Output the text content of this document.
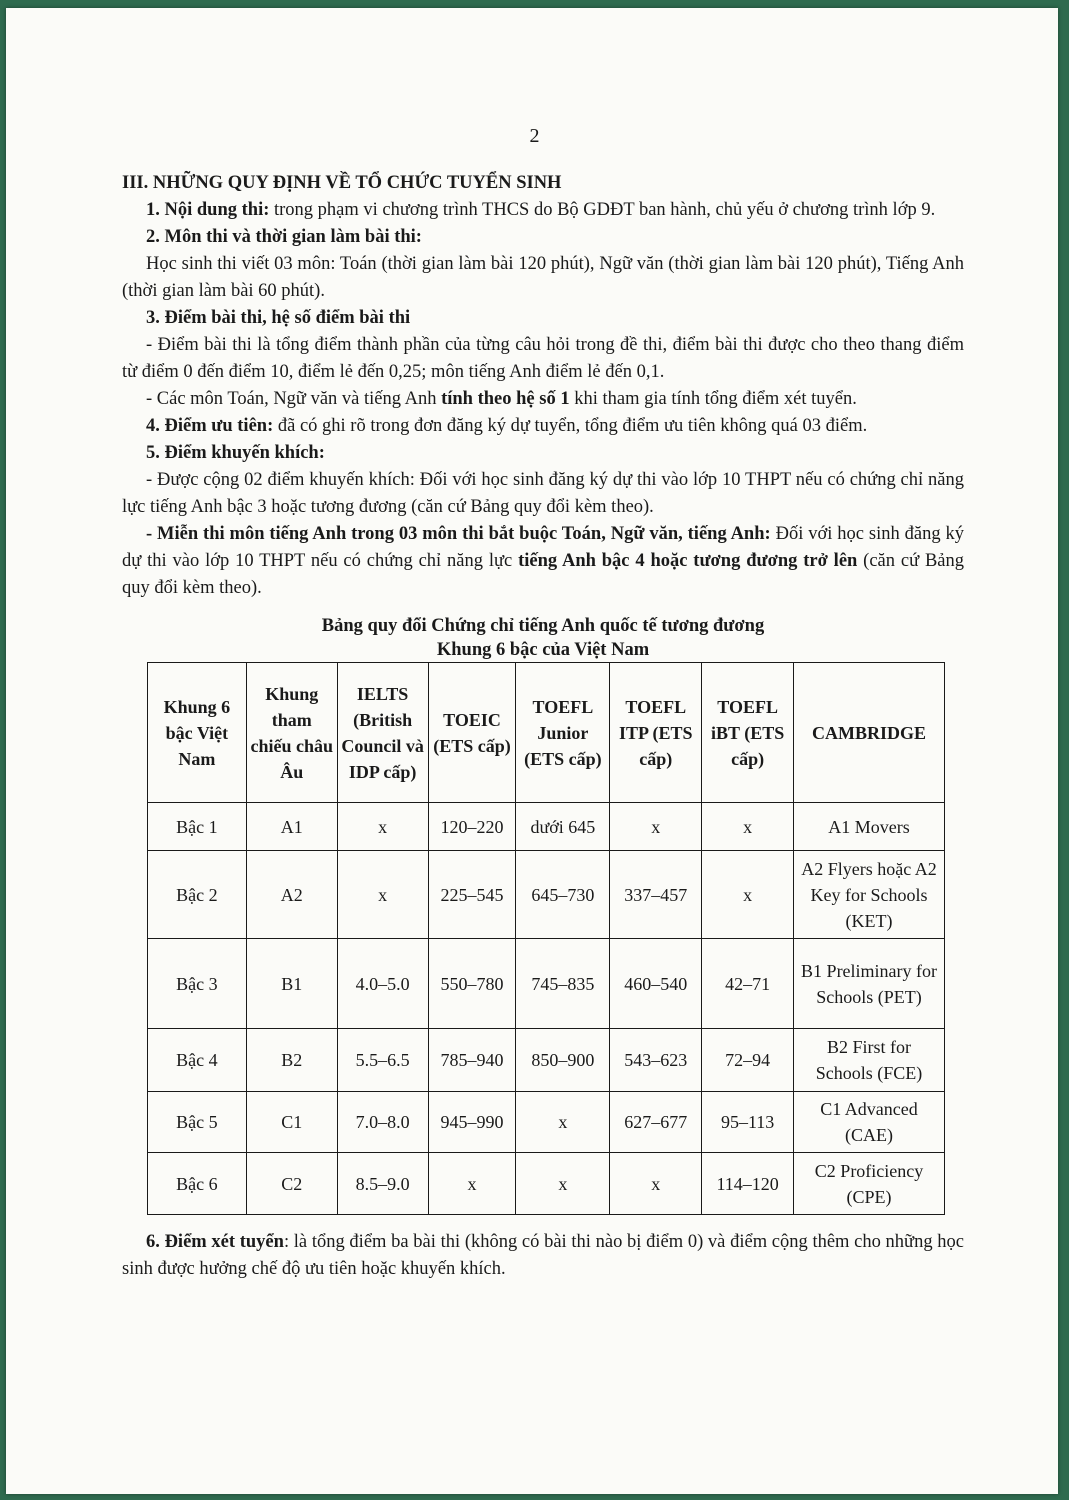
2
III. NHỮNG QUY ĐỊNH VỀ TỔ CHỨC TUYỂN SINH

1. Nội dung thi: trong phạm vi chương trình THCS do Bộ GDĐT ban hành, chủ yếu ở chương trình lớp 9.

2. Môn thi và thời gian làm bài thi:

Học sinh thi viết 03 môn: Toán (thời gian làm bài 120 phút), Ngữ văn (thời gian làm bài 120 phút), Tiếng Anh (thời gian làm bài 60 phút).

3. Điểm bài thi, hệ số điểm bài thi

- Điểm bài thi là tổng điểm thành phần của từng câu hỏi trong đề thi, điểm bài thi được cho theo thang điểm từ điểm 0 đến điểm 10, điểm lẻ đến 0,25; môn tiếng Anh điểm lẻ đến 0,1.

- Các môn Toán, Ngữ văn và tiếng Anh tính theo hệ số 1 khi tham gia tính tổng điểm xét tuyển.

4. Điểm ưu tiên: đã có ghi rõ trong đơn đăng ký dự tuyển, tổng điểm ưu tiên không quá 03 điểm.

5. Điểm khuyến khích:

- Được cộng 02 điểm khuyến khích: Đối với học sinh đăng ký dự thi vào lớp 10 THPT nếu có chứng chỉ năng lực tiếng Anh bậc 3 hoặc tương đương (căn cứ Bảng quy đổi kèm theo).

- Miễn thi môn tiếng Anh trong 03 môn thi bắt buộc Toán, Ngữ văn, tiếng Anh: Đối với học sinh đăng ký dự thi vào lớp 10 THPT nếu có chứng chỉ năng lực tiếng Anh bậc 4 hoặc tương đương trở lên (căn cứ Bảng quy đổi kèm theo).

Bảng quy đổi Chứng chỉ tiếng Anh quốc tế tương đương
Khung 6 bậc của Việt Nam
Khung 6 bậc Việt Nam	Khung tham chiếu châu Âu	IELTS (British Council và IDP cấp)	TOEIC (ETS cấp)	TOEFL Junior (ETS cấp)	TOEFL ITP (ETS cấp)	TOEFL iBT (ETS cấp)	CAMBRIDGE
Bậc 1	A1	x	120–220	dưới 645	x	x	A1 Movers
Bậc 2	A2	x	225–545	645–730	337–457	x	A2 Flyers hoặc A2 Key for Schools (KET)
Bậc 3	B1	4.0–5.0	550–780	745–835	460–540	42–71	B1 Preliminary for Schools (PET)
Bậc 4	B2	5.5–6.5	785–940	850–900	543–623	72–94	B2 First for Schools (FCE)
Bậc 5	C1	7.0–8.0	945–990	x	627–677	95–113	C1 Advanced (CAE)
Bậc 6	C2	8.5–9.0	x	x	x	114–120	C2 Proficiency (CPE)

6. Điểm xét tuyển: là tổng điểm ba bài thi (không có bài thi nào bị điểm 0) và điểm cộng thêm cho những học sinh được hưởng chế độ ưu tiên hoặc khuyến khích.
